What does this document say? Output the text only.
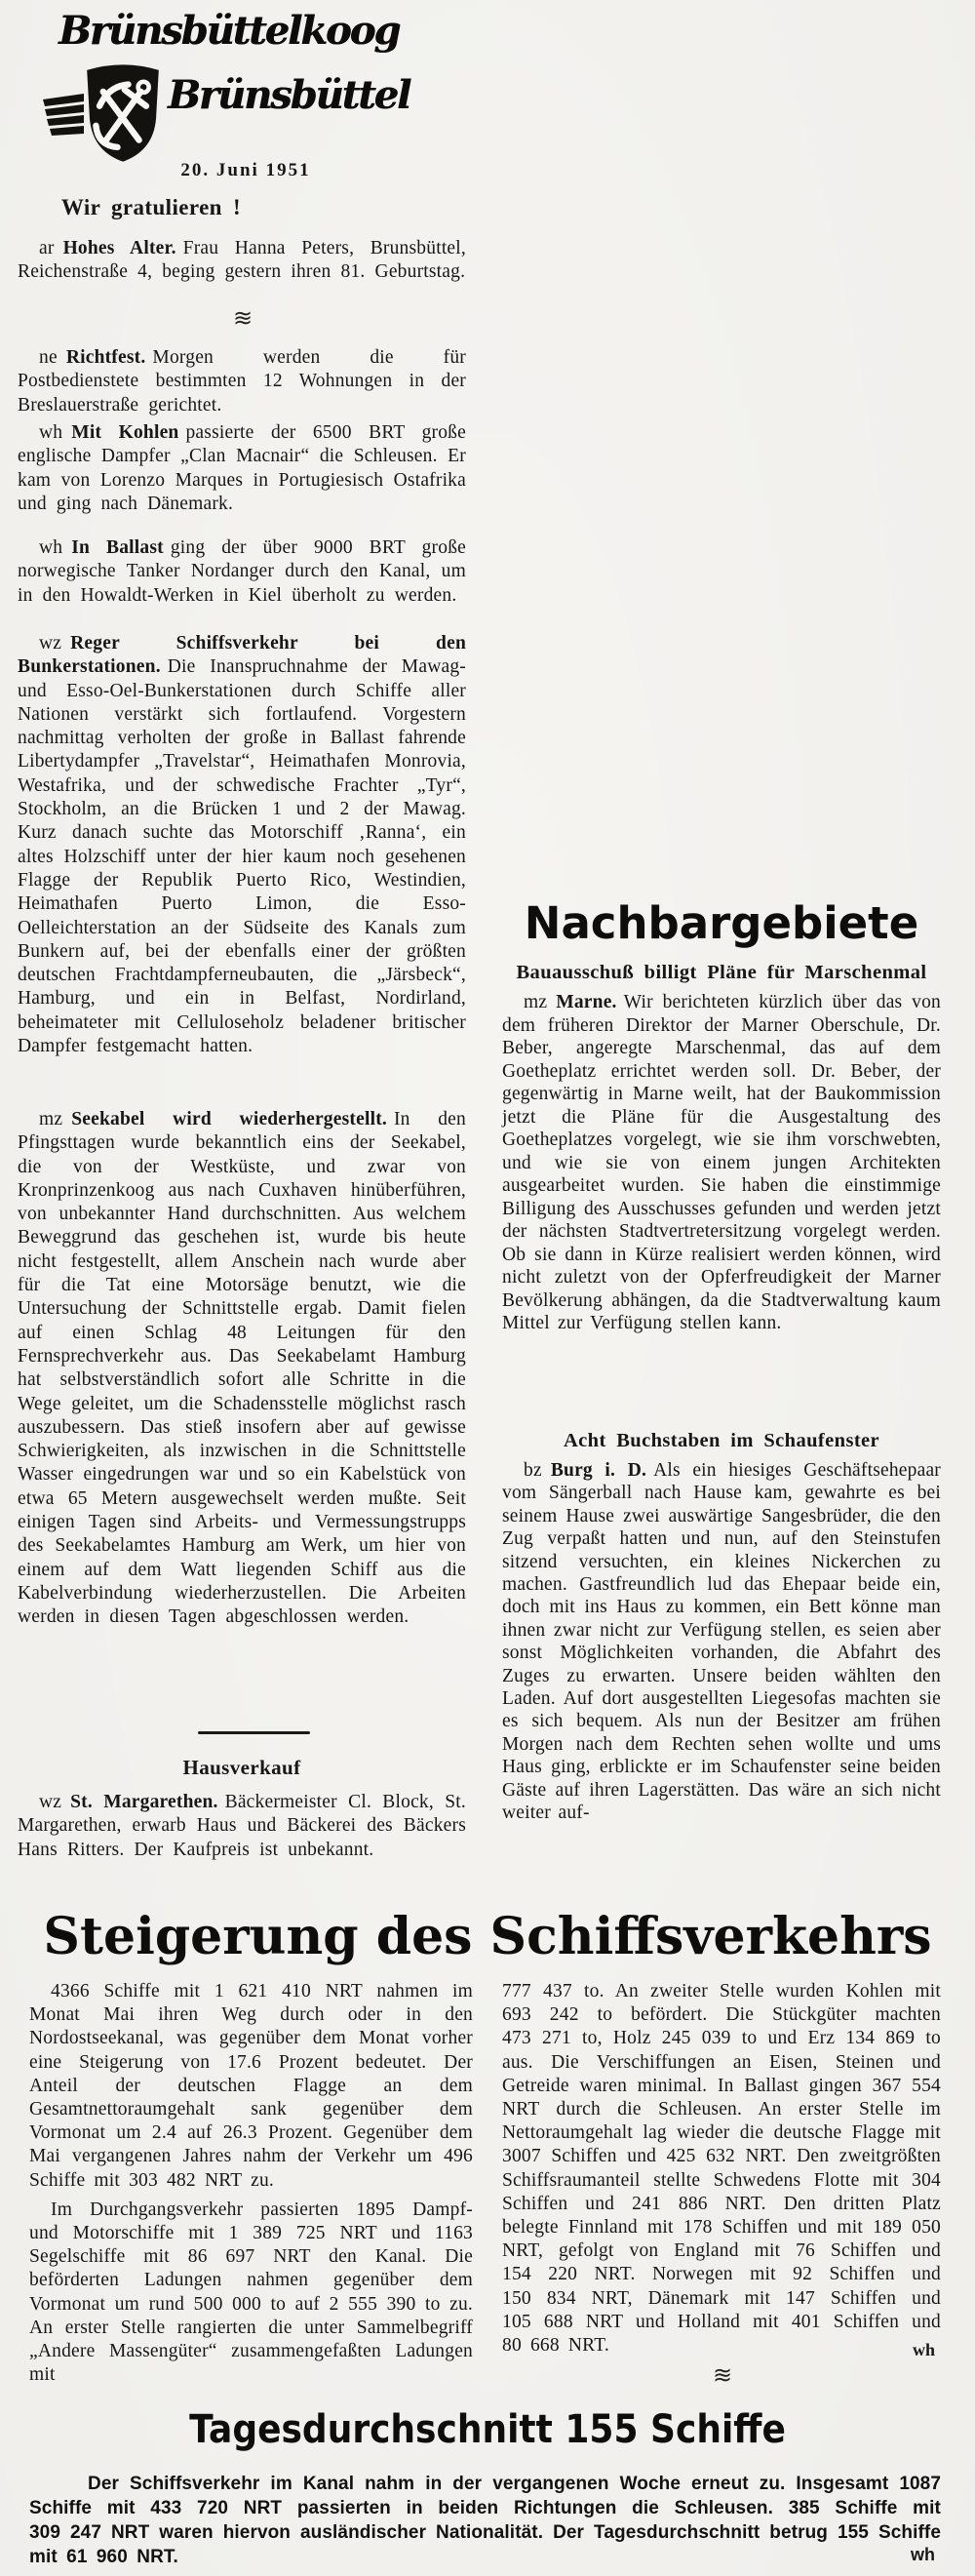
Brünsbüttelkoog
Brünsbüttel
20. Juni 1951
Wir gratulieren !

ar Hohes Alter. Frau Hanna Peters, Brunsbüttel, Reichenstraße 4, beging gestern ihren 81. Geburtstag.

≋

ne Richtfest. Morgen werden die für Postbedienstete bestimmten 12 Wohnungen in der Breslauerstraße gerichtet.

wh Mit Kohlen passierte der 6500 BRT große englische Dampfer „Clan Macnair“ die Schleusen. Er kam von Lorenzo Marques in Portugiesisch Ostafrika und ging nach Dänemark.

wh In Ballast ging der über 9000 BRT große norwegische Tanker Nordanger durch den Kanal, um in den Howaldt-Werken in Kiel überholt zu werden.

wz Reger Schiffsverkehr bei den Bunkerstationen. Die Inanspruchnahme der Mawag- und Esso-Oel-Bunkerstationen durch Schiffe aller Nationen verstärkt sich fortlaufend. Vorgestern nachmittag verholten der große in Ballast fahrende Libertydampfer „Travelstar“, Heimathafen Monrovia, Westafrika, und der schwedische Frachter „Tyr“, Stockholm, an die Brücken 1 und 2 der Mawag. Kurz danach suchte das Motorschiff ‚Ranna‘, ein altes Holzschiff unter der hier kaum noch gesehenen Flagge der Republik Puerto Rico, Westindien, Heimathafen Puerto Limon, die Esso-Oelleichterstation an der Südseite des Kanals zum Bunkern auf, bei der ebenfalls einer der größten deutschen Frachtdampferneubauten, die „Järsbeck“, Hamburg, und ein in Belfast, Nordirland, beheimateter mit Celluloseholz beladener britischer Dampfer festgemacht hatten.

mz Seekabel wird wiederhergestellt. In den Pfingsttagen wurde bekanntlich eins der Seekabel, die von der Westküste, und zwar von Kronprinzenkoog aus nach Cuxhaven hinüberführen, von unbekannter Hand durchschnitten. Aus welchem Beweggrund das geschehen ist, wurde bis heute nicht festgestellt, allem Anschein nach wurde aber für die Tat eine Motorsäge benutzt, wie die Untersuchung der Schnittstelle ergab. Damit fielen auf einen Schlag 48 Leitungen für den Fernsprechverkehr aus. Das Seekabelamt Hamburg hat selbstverständlich sofort alle Schritte in die Wege geleitet, um die Schadensstelle möglichst rasch auszubessern. Das stieß insofern aber auf gewisse Schwierigkeiten, als inzwischen in die Schnittstelle Wasser eingedrungen war und so ein Kabelstück von etwa 65 Metern ausgewechselt werden mußte. Seit einigen Tagen sind Arbeits- und Vermessungstrupps des Seekabelamtes Hamburg am Werk, um hier von einem auf dem Watt liegenden Schiff aus die Kabelverbindung wiederherzustellen. Die Arbeiten werden in diesen Tagen abgeschlossen werden.

Hausverkauf

wz St. Margarethen. Bäckermeister Cl. Block, St. Margarethen, erwarb Haus und Bäckerei des Bäckers Hans Ritters. Der Kaufpreis ist unbekannt.

Nachbargebiete
Bauausschuß billigt Pläne für Marschenmal

mz Marne. Wir berichteten kürzlich über das von dem früheren Direktor der Marner Oberschule, Dr. Beber, angeregte Marschenmal, das auf dem Goetheplatz errichtet werden soll. Dr. Beber, der gegenwärtig in Marne weilt, hat der Baukommission jetzt die Pläne für die Ausgestaltung des Goetheplatzes vorgelegt, wie sie ihm vorschwebten, und wie sie von einem jungen Architekten ausgearbeitet wurden. Sie haben die einstimmige Billigung des Ausschusses gefunden und werden jetzt der nächsten Stadtvertretersitzung vorgelegt werden. Ob sie dann in Kürze realisiert werden können, wird nicht zuletzt von der Opferfreudigkeit der Marner Bevölkerung abhängen, da die Stadtverwaltung kaum Mittel zur Verfügung stellen kann.

Acht Buchstaben im Schaufenster

bz Burg i. D. Als ein hiesiges Geschäftsehepaar vom Sängerball nach Hause kam, gewahrte es bei seinem Hause zwei auswärtige Sangesbrüder, die den Zug verpaßt hatten und nun, auf den Steinstufen sitzend versuchten, ein kleines Nickerchen zu machen. Gastfreundlich lud das Ehepaar beide ein, doch mit ins Haus zu kommen, ein Bett könne man ihnen zwar nicht zur Verfügung stellen, es seien aber sonst Möglichkeiten vorhanden, die Abfahrt des Zuges zu erwarten. Unsere beiden wählten den Laden. Auf dort ausgestellten Liegesofas machten sie es sich bequem. Als nun der Besitzer am frühen Morgen nach dem Rechten sehen wollte und ums Haus ging, erblickte er im Schaufenster seine beiden Gäste auf ihren Lagerstätten. Das wäre an sich nicht weiter auf-

Steigerung des Schiffsverkehrs

4366 Schiffe mit 1 621 410 NRT nahmen im Monat Mai ihren Weg durch oder in den Nordostseekanal, was gegenüber dem Monat vorher eine Steigerung von 17.6 Prozent bedeutet. Der Anteil der deutschen Flagge an dem Gesamtnettoraumgehalt sank gegenüber dem Vormonat um 2.4 auf 26.3 Prozent. Gegenüber dem Mai vergangenen Jahres nahm der Verkehr um 496 Schiffe mit 303 482 NRT zu.

Im Durchgangsverkehr passierten 1895 Dampf- und Motorschiffe mit 1 389 725 NRT und 1163 Segelschiffe mit 86 697 NRT den Kanal. Die beförderten Ladungen nahmen gegenüber dem Vormonat um rund 500 000 to auf 2 555 390 to zu. An erster Stelle rangierten die unter Sammelbegriff „Andere Massengüter“ zusammengefaßten Ladungen mit

777 437 to. An zweiter Stelle wurden Kohlen mit 693 242 to befördert. Die Stückgüter machten 473 271 to, Holz 245 039 to und Erz 134 869 to aus. Die Verschiffungen an Eisen, Steinen und Getreide waren minimal. In Ballast gingen 367 554 NRT durch die Schleusen. An erster Stelle im Nettoraumgehalt lag wieder die deutsche Flagge mit 3007 Schiffen und 425 632 NRT. Den zweitgrößten Schiffsraumanteil stellte Schwedens Flotte mit 304 Schiffen und 241 886 NRT. Den dritten Platz belegte Finnland mit 178 Schiffen und mit 189 050 NRT, gefolgt von England mit 76 Schiffen und 154 220 NRT. Norwegen mit 92 Schiffen und 150 834 NRT, Dänemark mit 147 Schiffen und 105 688 NRT und Holland mit 401 Schiffen und 80 668 NRT.	wh
≋
Tagesdurchschnitt 155 Schiffe

Der Schiffsverkehr im Kanal nahm in der vergangenen Woche erneut zu. Insgesamt 1087 Schiffe mit 433 720 NRT passierten in beiden Richtungen die Schleusen. 385 Schiffe mit 309 247 NRT waren hiervon ausländischer Nationalität. Der Tagesdurchschnitt betrug 155 Schiffe mit 61 960 NRT.	wh
